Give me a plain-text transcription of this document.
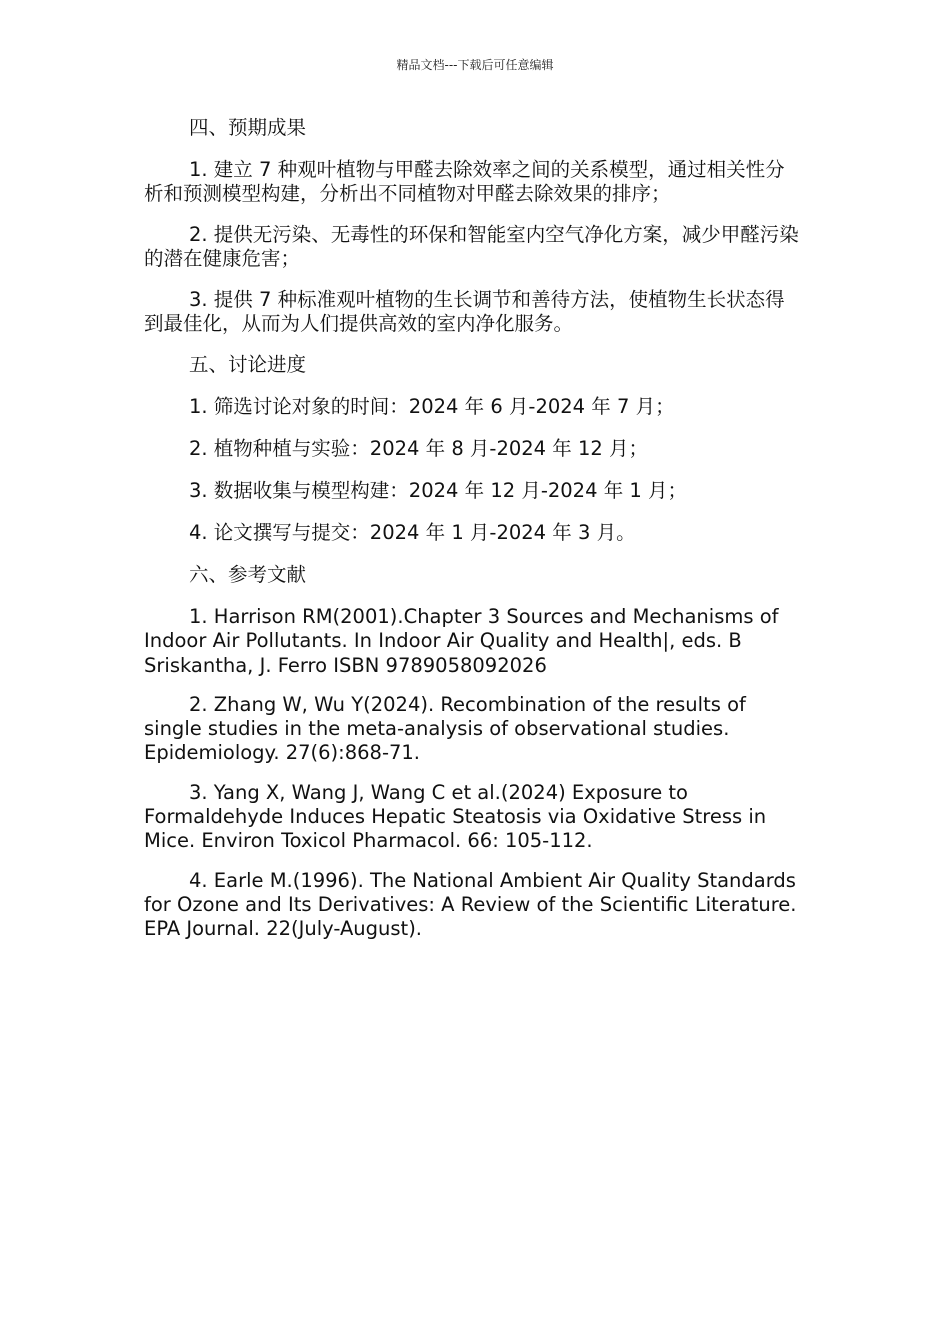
精品文档---下载后可任意编辑

四、预期成果

1. 建立 7 种观叶植物与甲醛去除效率之间的关系模型，通过相关性分析和预测模型构建，分析出不同植物对甲醛去除效果的排序；

2. 提供无污染、无毒性的环保和智能室内空气净化方案，减少甲醛污染的潜在健康危害；

3. 提供 7 种标准观叶植物的生长调节和善待方法，使植物生长状态得到最佳化，从而为人们提供高效的室内净化服务。

五、讨论进度

1. 筛选讨论对象的时间：2024 年 6 月-2024 年 7 月；

2. 植物种植与实验：2024 年 8 月-2024 年 12 月；

3. 数据收集与模型构建：2024 年 12 月-2024 年 1 月；

4. 论文撰写与提交：2024 年 1 月-2024 年 3 月。

六、参考文献

1. Harrison RM(2001).Chapter 3 Sources and Mechanisms of Indoor Air Pollutants. In Indoor Air Quality and Health|, eds. B Sriskantha, J. Ferro ISBN 9789058092026

2. Zhang W, Wu Y(2024). Recombination of the results of single studies in the meta-analysis of observational studies. Epidemiology. 27(6):868-71.

3. Yang X, Wang J, Wang C et al.(2024) Exposure to Formaldehyde Induces Hepatic Steatosis via Oxidative Stress in Mice. Environ Toxicol Pharmacol. 66: 105-112.

4. Earle M.(1996). The National Ambient Air Quality Standards for Ozone and Its Derivatives: A Review of the Scientific Literature. EPA Journal. 22(July-August).
